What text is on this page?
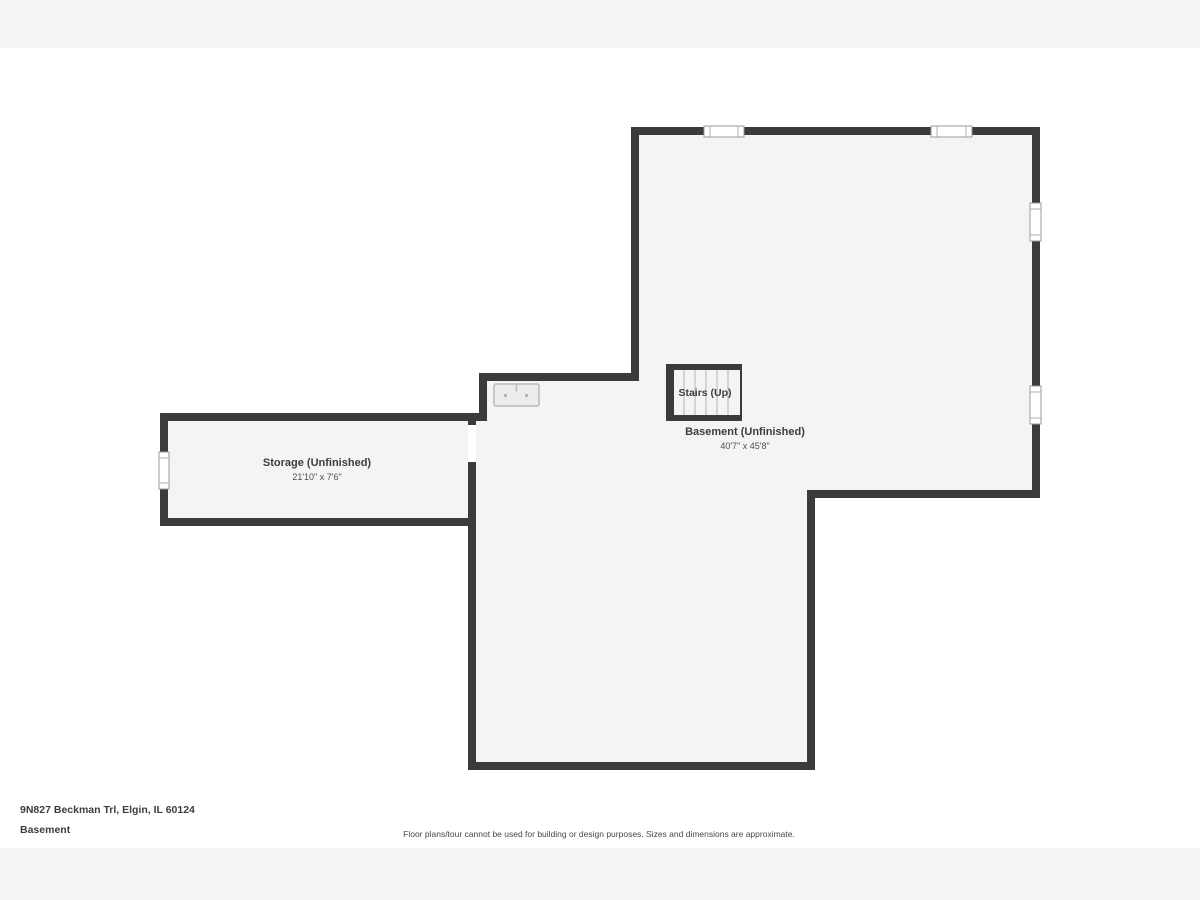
Stairs (Up)
Storage (Unfinished)
21'10" x 7'6"
Basement (Unfinished)
40'7" x 45'8"
9N827 Beckman Trl, Elgin, IL 60124
Basement	Floor plans/tour cannot be used for building or design purposes. Sizes and dimensions are approximate.
